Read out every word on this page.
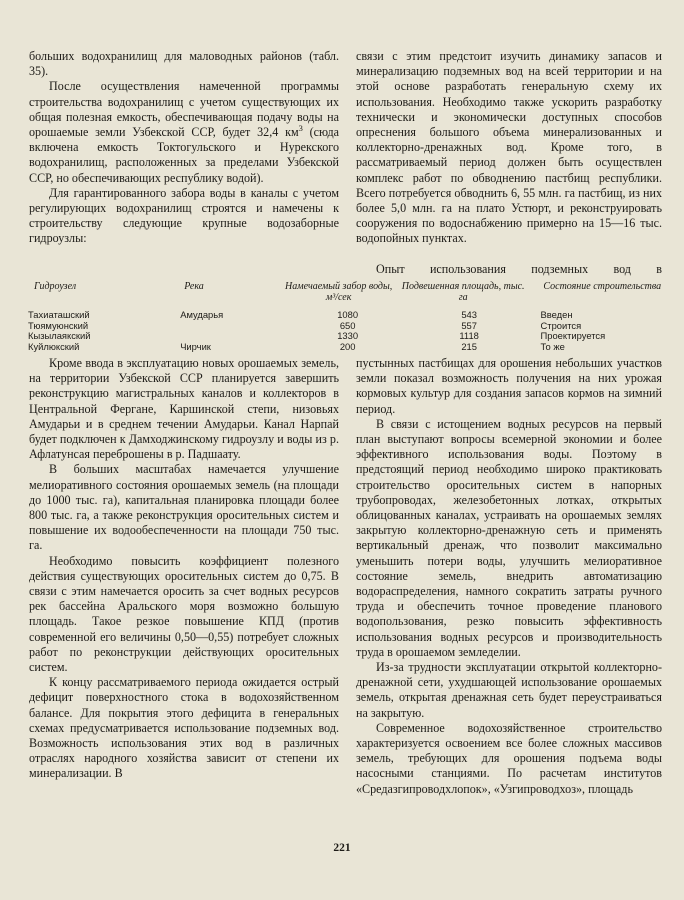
больших водохранилищ для маловодных районов (табл. 35).

После осуществления намеченной программы строительства водохранилищ с учетом существующих их общая полезная емкость, обеспечивающая подачу воды на орошаемые земли Узбекской ССР, будет 32,4 $км^3$ (сюда включена емкость Токтогульского и Нурекского водохранилищ, расположенных за пределами Узбекской ССР, но обеспечивающих республику водой).

Для гарантированного забора воды в каналы с учетом регулирующих водохранилищ строятся и намечены к строительству следующие крупные водозаборные гидроузлы:

связи с этим предстоит изучить динамику запасов и минерализацию подземных вод на всей территории и на этой основе разработать генеральную схему их использования. Необходимо также ускорить разработку технически и экономически доступных способов опреснения большого объема минерализованных и коллекторно-дренажных вод. Кроме того, в рассматриваемый период должен быть осуществлен комплекс работ по обводнению пастбищ республики. Всего потребуется обводнить 6, 55 млн. га пастбищ, из них более 5,0 млн. га на плато Устюрт, и реконструировать сооружения по водоснабжению примерно на 15—16 тыс. водопойных пунктах.

Опыт использования подземных вод в
Гидроузел	Река	Намечаемый забор воды, м³/сек	Подвешенная площадь, тыс. га	Состояние строительства
Тахиаташский	Амударья	1080	543	Введен
Тюямуюнский		650	557	Строится
Кызылаякский		1330	1118	Проектируется
Куйлюкский	Чирчик	200	215	То же

Кроме ввода в эксплуатацию новых орошаемых земель, на территории Узбекской ССР планируется завершить реконструкцию магистральных каналов и коллекторов в Центральной Фергане, Каршинской степи, низовьях Амударьи и в среднем течении Амударьи. Канал Нарпай будет подключен к Дамходжинскому гидроузлу и воды из р. Афлатунсая переброшены в р. Падшаату.

В больших масштабах намечается улучшение мелиоративного состояния орошаемых земель (на площади до 1000 тыс. га), капитальная планировка площади более 800 тыс. га, а также реконструкция оросительных систем и повышение их водообеспеченности на площади 750 тыс. га.

Необходимо повысить коэффициент полезного действия существующих оросительных систем до 0,75. В связи с этим намечается оросить за счет водных ресурсов рек бассейна Аральского моря возможно большую площадь. Такое резкое повышение КПД (против современной его величины 0,50—0,55) потребует сложных работ по реконструкции действующих оросительных систем.

К концу рассматриваемого периода ожидается острый дефицит поверхностного стока в водохозяйственном балансе. Для покрытия этого дефицита в генеральных схемах предусматривается использование подземных вод. Возможность использования этих вод в различных отраслях народного хозяйства зависит от степени их минерализации. В

пустынных пастбищах для орошения небольших участков земли показал возможность получения на них урожая кормовых культур для создания запасов кормов на зимний период.

В связи с истощением водных ресурсов на первый план выступают вопросы всемерной экономии и более эффективного использования воды. Поэтому в предстоящий период необходимо широко практиковать строительство оросительных систем в напорных трубопроводах, железобетонных лотках, открытых облицованных каналах, устраивать на орошаемых землях закрытую коллекторно-дренажную сеть и применять вертикальный дренаж, что позволит максимально уменьшить потери воды, улучшить мелиоративное состояние земель, внедрить автоматизацию водораспределения, намного сократить затраты ручного труда и обеспечить точное проведение планового водопользования, резко повысить эффективность использования водных ресурсов и производительность труда в орошаемом земледелии.

Из-за трудности эксплуатации открытой коллекторно-дренажной сети, ухудшающей использование орошаемых земель, открытая дренажная сеть будет переустраиваться на закрытую.

Современное водохозяйственное строительство характеризуется освоением все более сложных массивов земель, требующих для орошения подъема воды насосными станциями. По расчетам институтов «Средазгипроводхлопок», «Узгипроводхоз», площадь

221
